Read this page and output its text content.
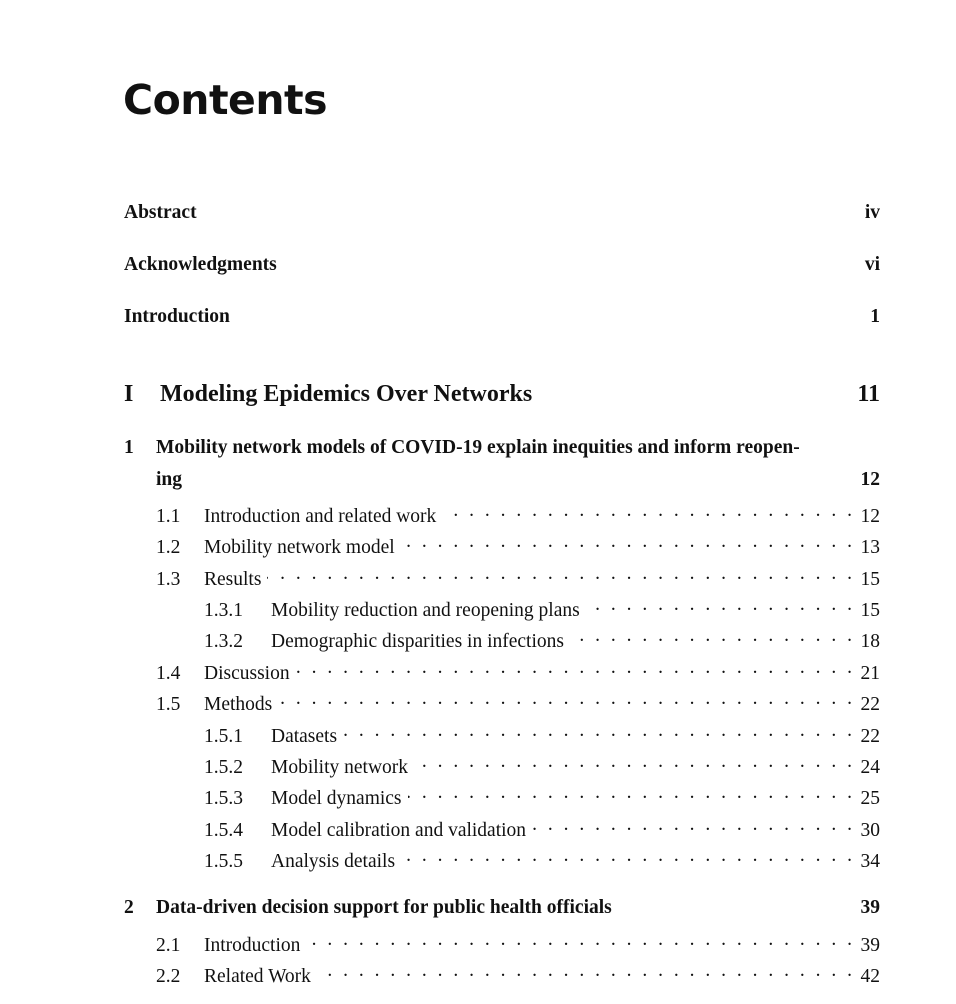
Contents
Abstract	iv
Acknowledgments	vi
Introduction	1
I	Modeling Epidemics Over Networks	11
1	Mobility network models of COVID-19 explain inequities and inform reopen-
ing	12
1.1	Introduction and related work . . .	12
1.2	Mobility network model . . .	13
1.3	Results . . .	15
1.3.1	Mobility reduction and reopening plans . . .	15
1.3.2	Demographic disparities in infections . . .	18
1.4	Discussion . . .	21
1.5	Methods . . .	22
1.5.1	Datasets . . .	22
1.5.2	Mobility network . . .	24
1.5.3	Model dynamics . . .	25
1.5.4	Model calibration and validation . . .	30
1.5.5	Analysis details . . .	34
2	Data-driven decision support for public health officials	39
2.1	Introduction . . .	39
2.2	Related Work . . .	42
